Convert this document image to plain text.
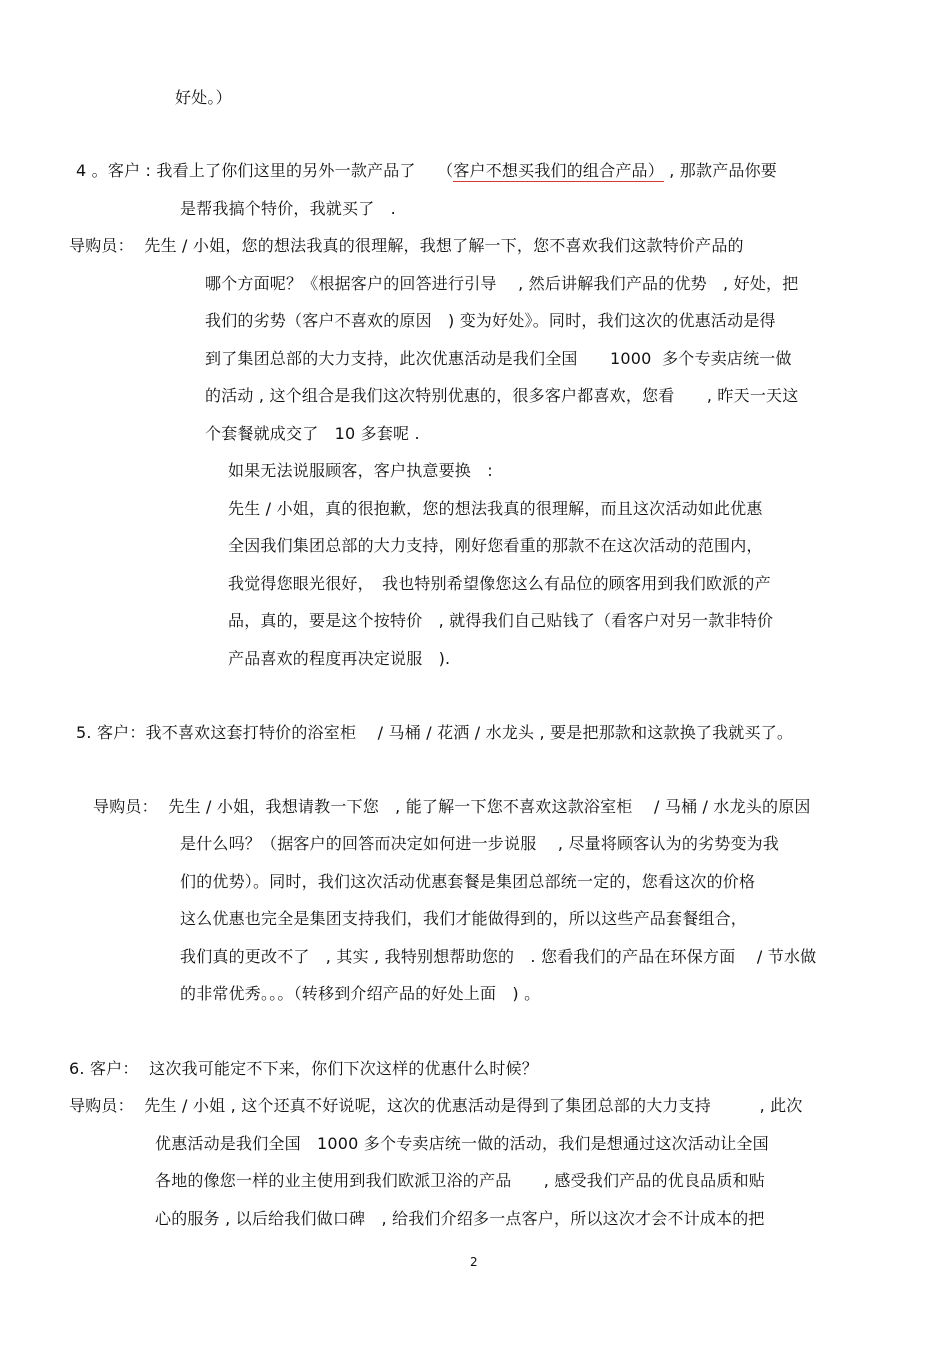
好处。）
4 。客户 : 我看上了你们这里的另外一款产品了　 （客户不想买我们的组合产品） , 那款产品你要
是帮我搞个特价，我就买了　.
导购员：  先生 / 小姐，您的想法我真的很理解，我想了解一下，您不喜欢我们这款特价产品的
哪个方面呢？《根据客户的回答进行引导　 , 然后讲解我们产品的优势　, 好处，把
我们的劣势（客户不喜欢的原因　) 变为好处》。同时，我们这次的优惠活动是得
到了集团总部的大力支持，此次优惠活动是我们全国　　1000  多个专卖店统一做
的活动 , 这个组合是我们这次特别优惠的，很多客户都喜欢，您看　　, 昨天一天这
个套餐就成交了　10 多套呢 .
如果无法说服顾客，客户执意要换　:
先生 / 小姐，真的很抱歉，您的想法我真的很理解，而且这次活动如此优惠
全因我们集团总部的大力支持，刚好您看重的那款不在这次活动的范围内，
我觉得您眼光很好，　我也特别希望像您这么有品位的顾客用到我们欧派的产
品，真的，要是这个按特价　, 就得我们自己贴钱了（看客户对另一款非特价
产品喜欢的程度再决定说服　).
5. 客户：我不喜欢这套打特价的浴室柜　 / 马桶 / 花洒 / 水龙头 , 要是把那款和这款换了我就买了。
导购员：  先生 / 小姐，我想请教一下您　, 能了解一下您不喜欢这款浴室柜　 / 马桶 / 水龙头的原因
是什么吗？（据客户的回答而决定如何进一步说服　 , 尽量将顾客认为的劣势变为我
们的优势）。同时，我们这次活动优惠套餐是集团总部统一定的，您看这次的价格
这么优惠也完全是集团支持我们，我们才能做得到的，所以这些产品套餐组合，
我们真的更改不了　, 其实 , 我特别想帮助您的　. 您看我们的产品在环保方面　 / 节水做
的非常优秀。。。（转移到介绍产品的好处上面　) 。
6. 客户：  这次我可能定不下来，你们下次这样的优惠什么时候？
导购员：  先生 / 小姐 , 这个还真不好说呢，这次的优惠活动是得到了集团总部的大力支持　　　, 此次
优惠活动是我们全国　1000 多个专卖店统一做的活动，我们是想通过这次活动让全国
各地的像您一样的业主使用到我们欧派卫浴的产品　　, 感受我们产品的优良品质和贴
心的服务 , 以后给我们做口碑　, 给我们介绍多一点客户，所以这次才会不计成本的把
2
